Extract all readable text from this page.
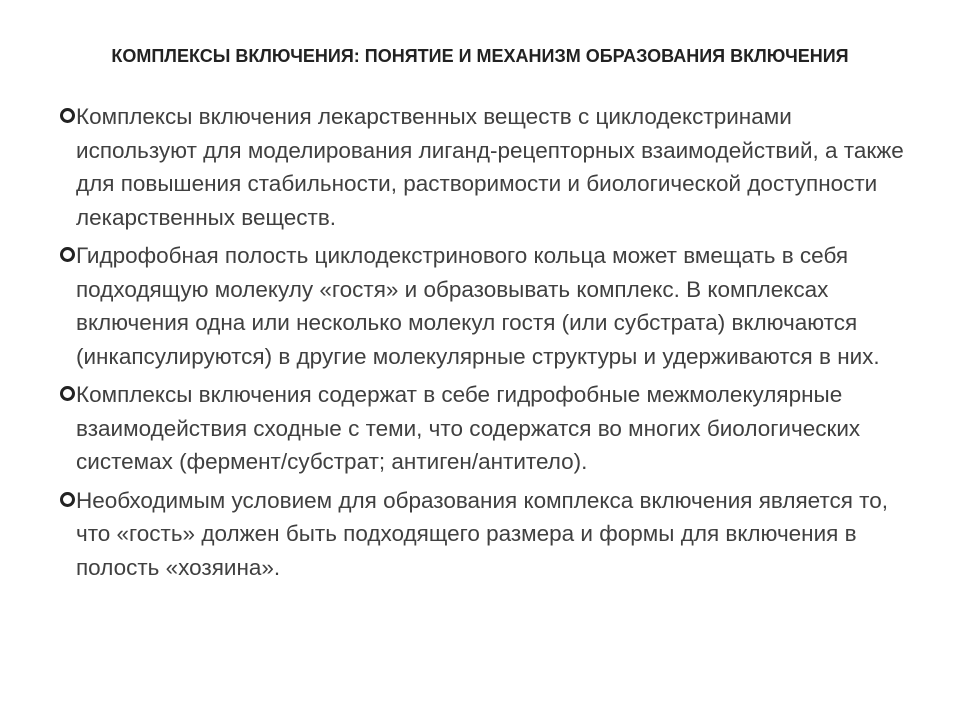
КОМПЛЕКСЫ ВКЛЮЧЕНИЯ: ПОНЯТИЕ И МЕХАНИЗМ ОБРАЗОВАНИЯ ВКЛЮЧЕНИЯ
Комплексы включения лекарственных веществ с циклодекстринами используют для моделирования лиганд-рецепторных взаимодействий, а также для повышения стабильности, растворимости и биологической доступности лекарственных веществ.
Гидрофобная полость циклодекстринового кольца может вмещать в себя подходящую молекулу «гостя» и образовывать комплекс. В комплексах включения одна или несколько молекул гостя (или субстрата) включаются (инкапсулируются) в другие молекулярные структуры и удерживаются в них.
Комплексы включения содержат в себе гидрофобные межмолекулярные взаимодействия сходные с теми, что содержатся во многих биологических системах (фермент/субстрат; антиген/антитело).
Необходимым условием для образования комплекса включения является то, что «гость» должен быть подходящего размера и формы для включения в полость «хозяина».
